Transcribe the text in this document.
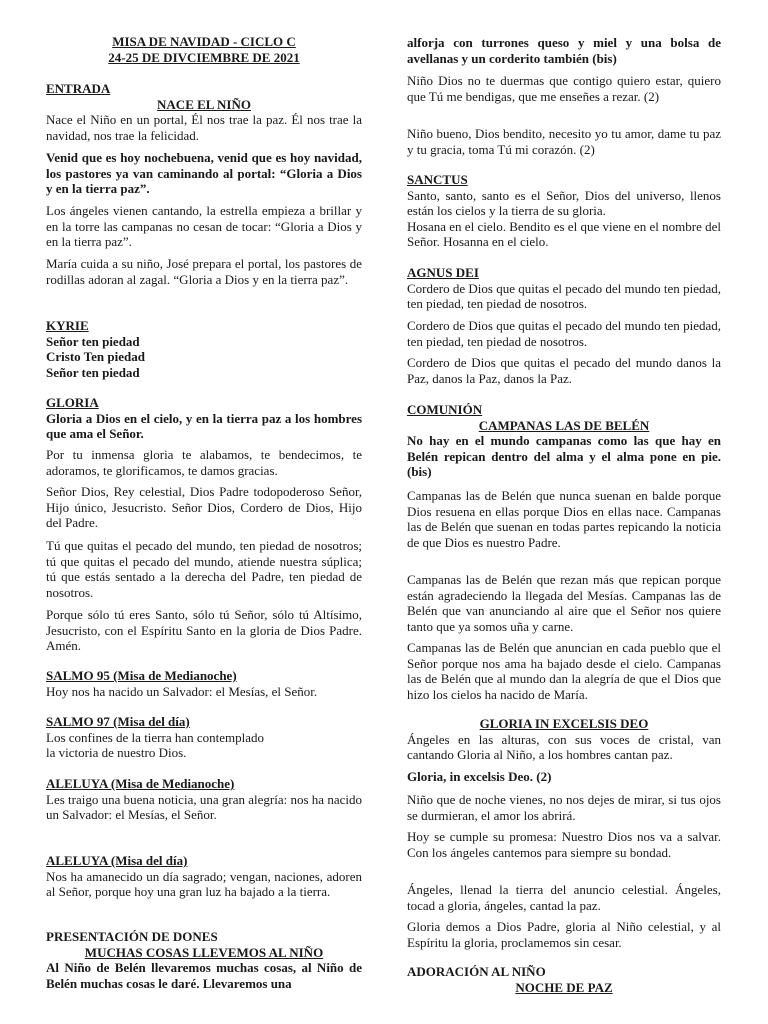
MISA DE NAVIDAD - CICLO C

24-25 DE DIVCIEMBRE DE 2021

ENTRADA

NACE EL NIÑO

Nace el Niño en un portal, Él nos trae la paz. Él nos trae la navidad, nos trae la felicidad.

Venid que es hoy nochebuena, venid que es hoy navidad, los pastores ya van caminando al portal: “Gloria a Dios y en la tierra paz”.

Los ángeles vienen cantando, la estrella empieza a brillar y en la torre las campanas no cesan de tocar: “Gloria a Dios y en la tierra paz”.

María cuida a su niño, José prepara el portal, los pastores de rodillas adoran al zagal. “Gloria a Dios y en la tierra paz”.

KYRIE

Señor ten piedad

Cristo Ten piedad

Señor ten piedad

GLORIA

Gloria a Dios en el cielo, y en la tierra paz a los hombres que ama el Señor.

Por tu inmensa gloria te alabamos, te bendecimos, te adoramos, te glorificamos, te damos gracias.

Señor Dios, Rey celestial, Dios Padre todopoderoso Señor, Hijo único, Jesucristo. Señor Dios, Cordero de Dios, Hijo del Padre.

Tú que quitas el pecado del mundo, ten piedad de nosotros; tú que quitas el pecado del mundo, atiende nuestra súplica; tú que estás sentado a la derecha del Padre, ten piedad de nosotros.

Porque sólo tú eres Santo, sólo tú Señor, sólo tú Altísimo, Jesucristo, con el Espíritu Santo en la gloria de Dios Padre. Amén.

SALMO 95 (Misa de Medianoche)

Hoy nos ha nacido un Salvador: el Mesías, el Señor.

SALMO 97 (Misa del día)

Los confines de la tierra han contemplado

la victoria de nuestro Dios.

ALELUYA (Misa de Medianoche)

Les traigo una buena noticia, una gran alegría: nos ha nacido un Salvador: el Mesías, el Señor.

ALELUYA (Misa del día)

Nos ha amanecido un día sagrado; vengan, naciones, adoren al Señor, porque hoy una gran luz ha bajado a la tierra.

PRESENTACIÓN DE DONES

MUCHAS COSAS LLEVEMOS AL NIÑO

Al Niño de Belén llevaremos muchas cosas, al Niño de Belén muchas cosas le daré. Llevaremos una

alforja con turrones queso y miel y una bolsa de avellanas y un corderito también (bis)

Niño Dios no te duermas que contigo quiero estar, quiero que Tú me bendigas, que me enseñes a rezar. (2)

Niño bueno, Dios bendito, necesito yo tu amor, dame tu paz y tu gracia, toma Tú mi corazón. (2)

SANCTUS

Santo, santo, santo es el Señor, Dios del universo, llenos están los cielos y la tierra de su gloria.

Hosana en el cielo. Bendito es el que viene en el nombre del Señor. Hosanna en el cielo.

AGNUS DEI

Cordero de Dios que quitas el pecado del mundo ten piedad, ten piedad, ten piedad de nosotros.

Cordero de Dios que quitas el pecado del mundo ten piedad, ten piedad, ten piedad de nosotros.

Cordero de Dios que quitas el pecado del mundo danos la Paz, danos la Paz, danos la Paz.

COMUNIÓN

CAMPANAS LAS DE BELÉN

No hay en el mundo campanas como las que hay en Belén repican dentro del alma y el alma pone en pie. (bis)

Campanas las de Belén que nunca suenan en balde porque Dios resuena en ellas porque Dios en ellas nace. Campanas las de Belén que suenan en todas partes repicando la noticia de que Dios es nuestro Padre.

Campanas las de Belén que rezan más que repican porque están agradeciendo la llegada del Mesías. Campanas las de Belén que van anunciando al aire que el Señor nos quiere tanto que ya somos uña y carne.

Campanas las de Belén que anuncian en cada pueblo que el Señor porque nos ama ha bajado desde el cielo. Campanas las de Belén que al mundo dan la alegría de que el Dios que hizo los cielos ha nacido de María.

GLORIA IN EXCELSIS DEO

Ángeles en las alturas, con sus voces de cristal, van cantando Gloria al Niño, a los hombres cantan paz.

Gloria, in excelsis Deo. (2)

Niño que de noche vienes, no nos dejes de mirar, si tus ojos se durmieran, el amor los abrirá.

Hoy se cumple su promesa: Nuestro Dios nos va a salvar. Con los ángeles cantemos para siempre su bondad.

Ángeles, llenad la tierra del anuncio celestial. Ángeles, tocad a gloria, ángeles, cantad la paz.

Gloria demos a Dios Padre, gloria al Niño celestial, y al Espíritu la gloria, proclamemos sin cesar.

ADORACIÓN AL NIÑO

NOCHE DE PAZ
